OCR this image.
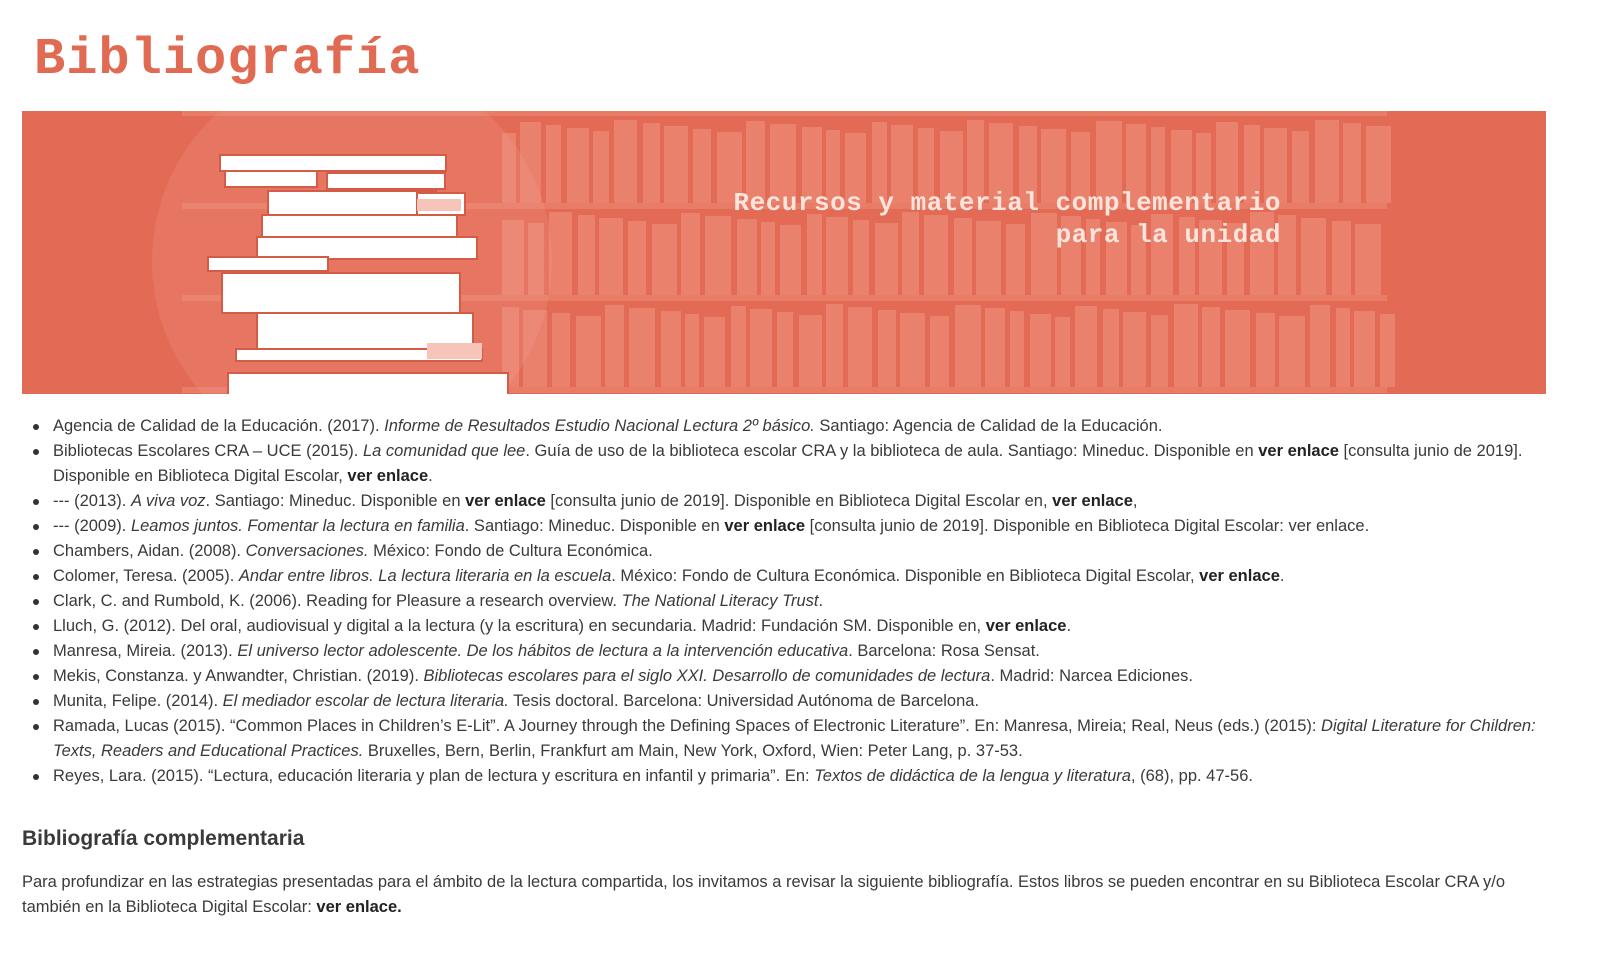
Bibliografía
Recursos y material complementario
para la unidad
Agencia de Calidad de la Educación. (2017). Informe de Resultados Estudio Nacional Lectura 2º básico. Santiago: Agencia de Calidad de la Educación.
Bibliotecas Escolares CRA – UCE (2015). La comunidad que lee. Guía de uso de la biblioteca escolar CRA y la biblioteca de aula. Santiago: Mineduc. Disponible en ver enlace [consulta junio de 2019]. Disponible en Biblioteca Digital Escolar, ver enlace.
--- (2013). A viva voz. Santiago: Mineduc. Disponible en ver enlace [consulta junio de 2019]. Disponible en Biblioteca Digital Escolar en, ver enlace,
--- (2009). Leamos juntos. Fomentar la lectura en familia. Santiago: Mineduc. Disponible en ver enlace [consulta junio de 2019]. Disponible en Biblioteca Digital Escolar: ver enlace.
Chambers, Aidan. (2008). Conversaciones. México: Fondo de Cultura Económica.
Colomer, Teresa. (2005). Andar entre libros. La lectura literaria en la escuela. México: Fondo de Cultura Económica. Disponible en Biblioteca Digital Escolar, ver enlace.
Clark, C. and Rumbold, K. (2006). Reading for Pleasure a research overview. The National Literacy Trust.
Lluch, G. (2012). Del oral, audiovisual y digital a la lectura (y la escritura) en secundaria. Madrid: Fundación SM. Disponible en, ver enlace.
Manresa, Mireia. (2013). El universo lector adolescente. De los hábitos de lectura a la intervención educativa. Barcelona: Rosa Sensat.
Mekis, Constanza. y Anwandter, Christian. (2019). Bibliotecas escolares para el siglo XXI. Desarrollo de comunidades de lectura. Madrid: Narcea Ediciones.
Munita, Felipe. (2014). El mediador escolar de lectura literaria. Tesis doctoral. Barcelona: Universidad Autónoma de Barcelona.
Ramada, Lucas (2015). “Common Places in Children’s E-Lit”. A Journey through the Defining Spaces of Electronic Literature”. En: Manresa, Mireia; Real, Neus (eds.) (2015): Digital Literature for Children: Texts, Readers and Educational Practices. Bruxelles, Bern, Berlin, Frankfurt am Main, New York, Oxford, Wien: Peter Lang, p. 37-53.
Reyes, Lara. (2015). “Lectura, educación literaria y plan de lectura y escritura en infantil y primaria”. En: Textos de didáctica de la lengua y literatura, (68), pp. 47-56.
Bibliografía complementaria

Para profundizar en las estrategias presentadas para el ámbito de la lectura compartida, los invitamos a revisar la siguiente bibliografía. Estos libros se pueden encontrar en su Biblioteca Escolar CRA y/o también en la Biblioteca Digital Escolar: ver enlace.
